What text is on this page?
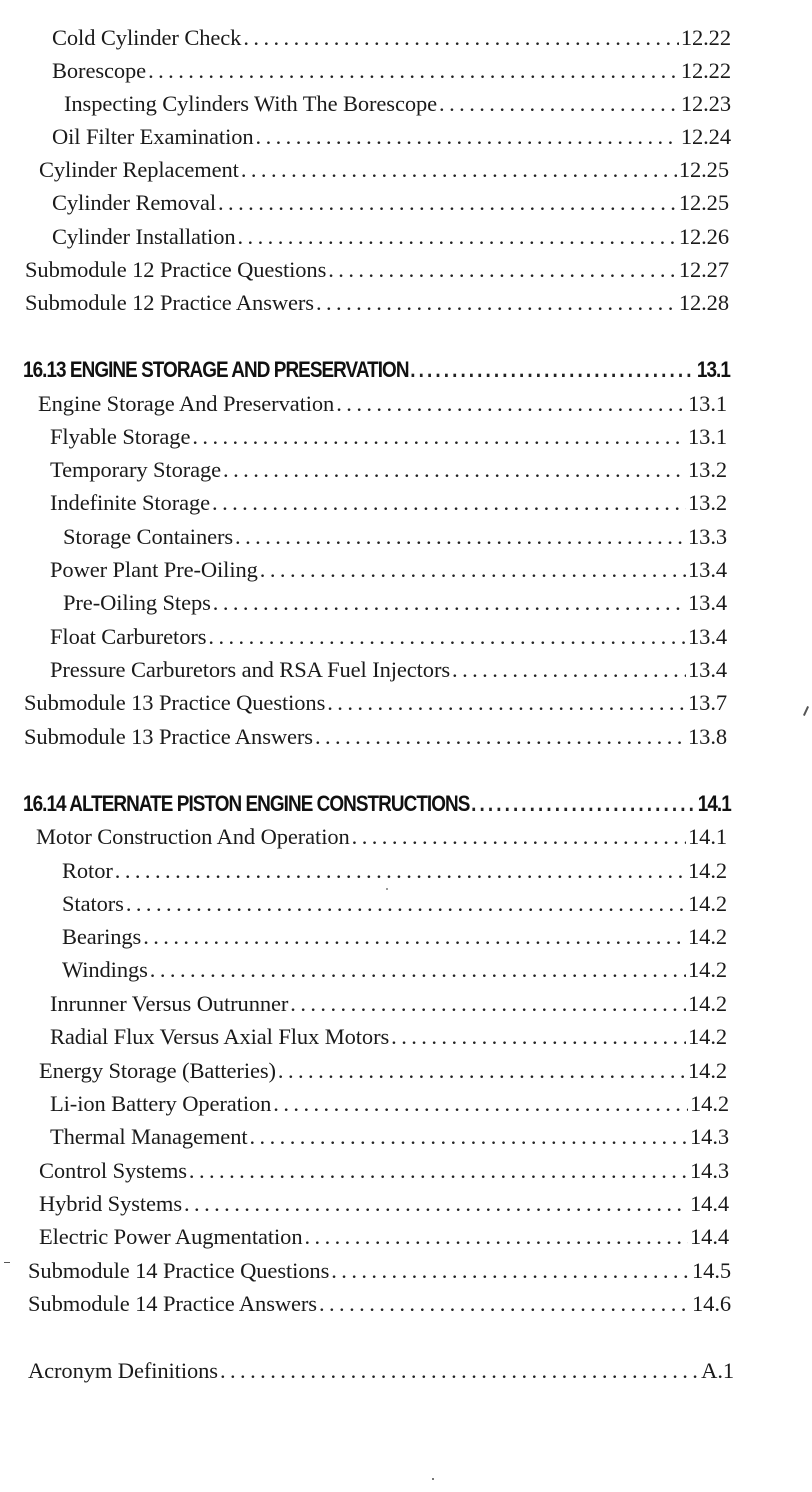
Cold Cylinder Check . . .	12.22
Borescope . . .	12.22
Inspecting Cylinders With The Borescope . . .	12.23
Oil Filter Examination . . .	12.24
Cylinder Replacement . . .	12.25
Cylinder Removal . . .	12.25
Cylinder Installation . . .	12.26
Submodule 12 Practice Questions . . .	12.27
Submodule 12 Practice Answers . . .	12.28
16.13 ENGINE STORAGE AND PRESERVATION . . .	13.1
Engine Storage And Preservation . . .	13.1
Flyable Storage . . .	13.1
Temporary Storage . . .	13.2
Indefinite Storage . . .	13.2
Storage Containers . . .	13.3
Power Plant Pre-Oiling . . .	13.4
Pre-Oiling Steps . . .	13.4
Float Carburetors . . .	13.4
Pressure Carburetors and RSA Fuel Injectors . . .	13.4
Submodule 13 Practice Questions . . .	13.7
Submodule 13 Practice Answers . . .	13.8
16.14 ALTERNATE PISTON ENGINE CONSTRUCTIONS . . .	14.1
Motor Construction And Operation . . .	14.1
Rotor . . .	14.2
Stators . . .	14.2
Bearings . . .	14.2
Windings . . .	14.2
Inrunner Versus Outrunner . . .	14.2
Radial Flux Versus Axial Flux Motors . . .	14.2
Energy Storage (Batteries) . . .	14.2
Li-ion Battery Operation . . .	14.2
Thermal Management . . .	14.3
Control Systems . . .	14.3
Hybrid Systems . . .	14.4
Electric Power Augmentation . . .	14.4
Submodule 14 Practice Questions . . .	14.5
Submodule 14 Practice Answers . . .	14.6
Acronym Definitions . . .	A.1
